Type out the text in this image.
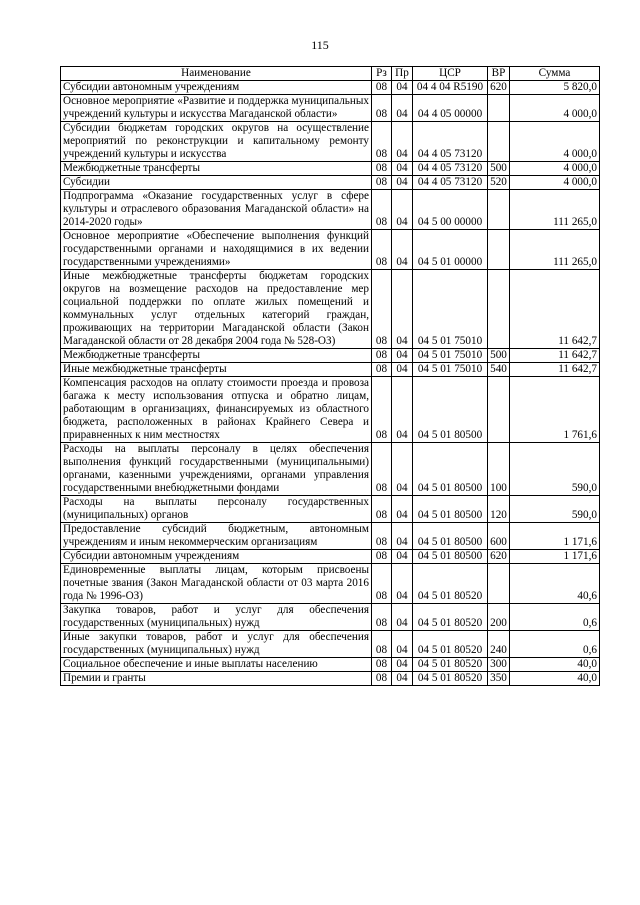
115
Наименование	Рз	Пр	ЦСР	ВР	Сумма
Субсидии автономным учреждениям	08	04	04 4 04 R5190	620	5 820,0
Основное мероприятие «Развитие и поддержка муниципальных учреждений культуры и искусства Магаданской области»	08	04	04 4 05 00000		4 000,0
Субсидии бюджетам городских округов на осуществление мероприятий по реконструкции и капитальному ремонту учреждений культуры и искусства	08	04	04 4 05 73120		4 000,0
Межбюджетные трансферты	08	04	04 4 05 73120	500	4 000,0
Субсидии	08	04	04 4 05 73120	520	4 000,0
Подпрограмма «Оказание государственных услуг в сфере культуры и отраслевого образования Магаданской области» на 2014-2020 годы»	08	04	04 5 00 00000		111 265,0
Основное мероприятие «Обеспечение выполнения функций государственными органами и находящимися в их ведении государственными учреждениями»	08	04	04 5 01 00000		111 265,0
Иные межбюджетные трансферты бюджетам городских округов на возмещение расходов на предоставление мер социальной поддержки по оплате жилых помещений и коммунальных услуг отдельных категорий граждан, проживающих на территории Магаданской области (Закон Магаданской области от 28 декабря 2004 года № 528-ОЗ)	08	04	04 5 01 75010		11 642,7
Межбюджетные трансферты	08	04	04 5 01 75010	500	11 642,7
Иные межбюджетные трансферты	08	04	04 5 01 75010	540	11 642,7
Компенсация расходов на оплату стоимости проезда и провоза багажа к месту использования отпуска и обратно лицам, работающим в организациях, финансируемых из областного бюджета, расположенных в районах Крайнего Севера и приравненных к ним местностях	08	04	04 5 01 80500		1 761,6
Расходы на выплаты персоналу в целях обеспечения выполнения функций государственными (муниципальными) органами, казенными учреждениями, органами управления государственными внебюджетными фондами	08	04	04 5 01 80500	100	590,0
Расходы на выплаты персоналу государственных (муниципальных) органов	08	04	04 5 01 80500	120	590,0
Предоставление субсидий бюджетным, автономным учреждениям и иным некоммерческим организациям	08	04	04 5 01 80500	600	1 171,6
Субсидии автономным учреждениям	08	04	04 5 01 80500	620	1 171,6
Единовременные выплаты лицам, которым присвоены почетные звания (Закон Магаданской области от 03 марта 2016 года № 1996-ОЗ)	08	04	04 5 01 80520		40,6
Закупка товаров, работ и услуг для обеспечения государственных (муниципальных) нужд	08	04	04 5 01 80520	200	0,6
Иные закупки товаров, работ и услуг для обеспечения государственных (муниципальных) нужд	08	04	04 5 01 80520	240	0,6
Социальное обеспечение и иные выплаты населению	08	04	04 5 01 80520	300	40,0
Премии и гранты	08	04	04 5 01 80520	350	40,0
